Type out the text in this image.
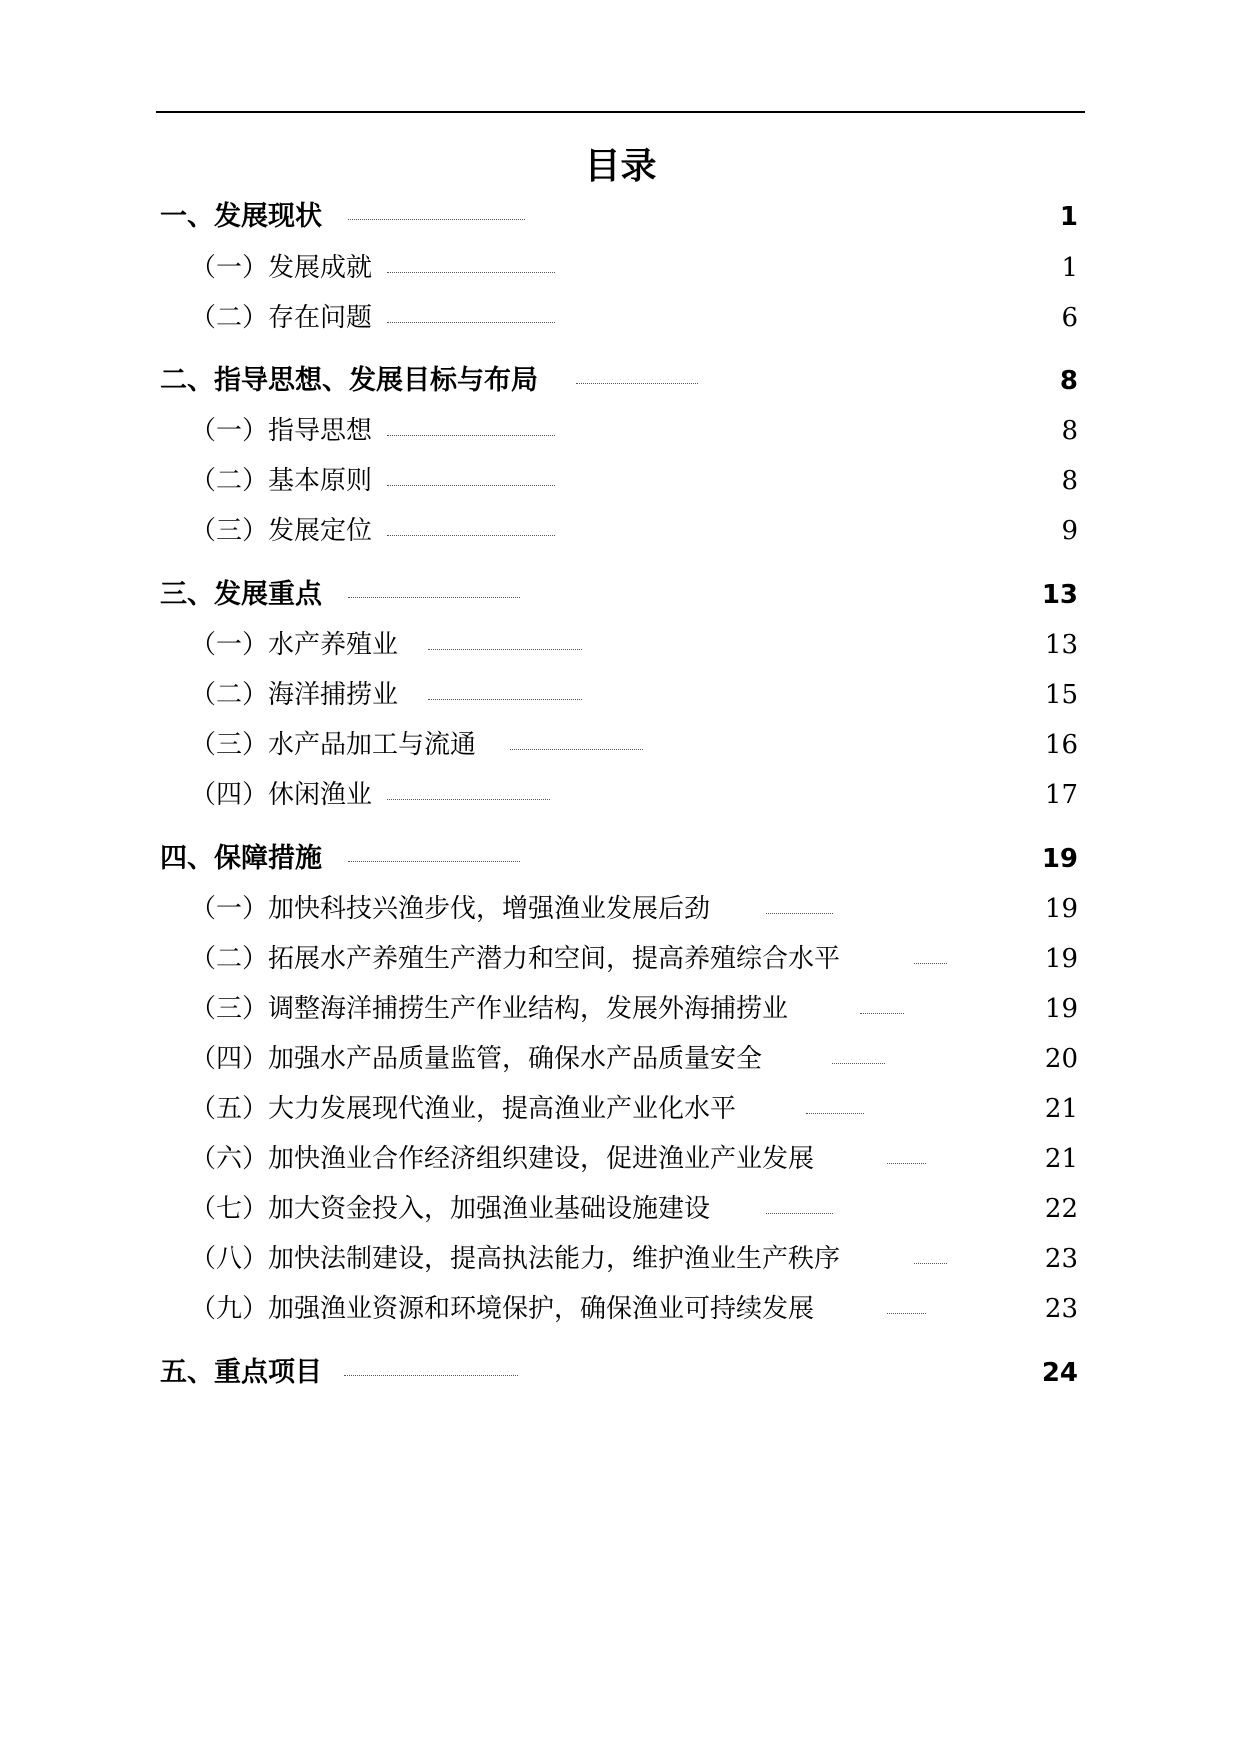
目录
一、发展现状	1
（一）发展成就	1
（二）存在问题	6
二、指导思想、发展目标与布局	8
（一）指导思想	8
（二）基本原则	8
（三）发展定位	9
三、发展重点	13
（一）水产养殖业	13
（二）海洋捕捞业	15
（三）水产品加工与流通	16
（四）休闲渔业	17
四、保障措施	19
（一）加快科技兴渔步伐，增强渔业发展后劲	19
（二）拓展水产养殖生产潜力和空间，提高养殖综合水平	19
（三）调整海洋捕捞生产作业结构，发展外海捕捞业	19
（四）加强水产品质量监管，确保水产品质量安全	20
（五）大力发展现代渔业，提高渔业产业化水平	21
（六）加快渔业合作经济组织建设，促进渔业产业发展	21
（七）加大资金投入，加强渔业基础设施建设	22
（八）加快法制建设，提高执法能力，维护渔业生产秩序	23
（九）加强渔业资源和环境保护，确保渔业可持续发展	23
五、重点项目	24
